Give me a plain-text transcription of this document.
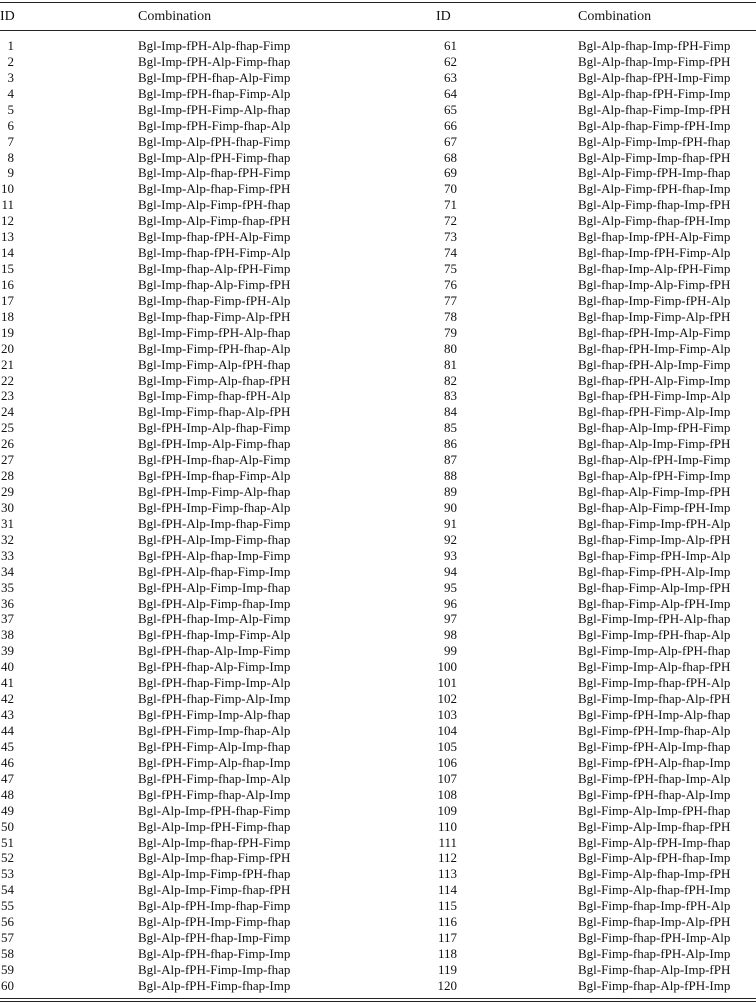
ID	Combination	ID	Combination
1	Bgl-Imp-fPH-Alp-fhap-Fimp	61	Bgl-Alp-fhap-Imp-fPH-Fimp
2	Bgl-Imp-fPH-Alp-Fimp-fhap	62	Bgl-Alp-fhap-Imp-Fimp-fPH
3	Bgl-Imp-fPH-fhap-Alp-Fimp	63	Bgl-Alp-fhap-fPH-Imp-Fimp
4	Bgl-Imp-fPH-fhap-Fimp-Alp	64	Bgl-Alp-fhap-fPH-Fimp-Imp
5	Bgl-Imp-fPH-Fimp-Alp-fhap	65	Bgl-Alp-fhap-Fimp-Imp-fPH
6	Bgl-Imp-fPH-Fimp-fhap-Alp	66	Bgl-Alp-fhap-Fimp-fPH-Imp
7	Bgl-Imp-Alp-fPH-fhap-Fimp	67	Bgl-Alp-Fimp-Imp-fPH-fhap
8	Bgl-Imp-Alp-fPH-Fimp-fhap	68	Bgl-Alp-Fimp-Imp-fhap-fPH
9	Bgl-Imp-Alp-fhap-fPH-Fimp	69	Bgl-Alp-Fimp-fPH-Imp-fhap
10	Bgl-Imp-Alp-fhap-Fimp-fPH	70	Bgl-Alp-Fimp-fPH-fhap-Imp
11	Bgl-Imp-Alp-Fimp-fPH-fhap	71	Bgl-Alp-Fimp-fhap-Imp-fPH
12	Bgl-Imp-Alp-Fimp-fhap-fPH	72	Bgl-Alp-Fimp-fhap-fPH-Imp
13	Bgl-Imp-fhap-fPH-Alp-Fimp	73	Bgl-fhap-Imp-fPH-Alp-Fimp
14	Bgl-Imp-fhap-fPH-Fimp-Alp	74	Bgl-fhap-Imp-fPH-Fimp-Alp
15	Bgl-Imp-fhap-Alp-fPH-Fimp	75	Bgl-fhap-Imp-Alp-fPH-Fimp
16	Bgl-Imp-fhap-Alp-Fimp-fPH	76	Bgl-fhap-Imp-Alp-Fimp-fPH
17	Bgl-Imp-fhap-Fimp-fPH-Alp	77	Bgl-fhap-Imp-Fimp-fPH-Alp
18	Bgl-Imp-fhap-Fimp-Alp-fPH	78	Bgl-fhap-Imp-Fimp-Alp-fPH
19	Bgl-Imp-Fimp-fPH-Alp-fhap	79	Bgl-fhap-fPH-Imp-Alp-Fimp
20	Bgl-Imp-Fimp-fPH-fhap-Alp	80	Bgl-fhap-fPH-Imp-Fimp-Alp
21	Bgl-Imp-Fimp-Alp-fPH-fhap	81	Bgl-fhap-fPH-Alp-Imp-Fimp
22	Bgl-Imp-Fimp-Alp-fhap-fPH	82	Bgl-fhap-fPH-Alp-Fimp-Imp
23	Bgl-Imp-Fimp-fhap-fPH-Alp	83	Bgl-fhap-fPH-Fimp-Imp-Alp
24	Bgl-Imp-Fimp-fhap-Alp-fPH	84	Bgl-fhap-fPH-Fimp-Alp-Imp
25	Bgl-fPH-Imp-Alp-fhap-Fimp	85	Bgl-fhap-Alp-Imp-fPH-Fimp
26	Bgl-fPH-Imp-Alp-Fimp-fhap	86	Bgl-fhap-Alp-Imp-Fimp-fPH
27	Bgl-fPH-Imp-fhap-Alp-Fimp	87	Bgl-fhap-Alp-fPH-Imp-Fimp
28	Bgl-fPH-Imp-fhap-Fimp-Alp	88	Bgl-fhap-Alp-fPH-Fimp-Imp
29	Bgl-fPH-Imp-Fimp-Alp-fhap	89	Bgl-fhap-Alp-Fimp-Imp-fPH
30	Bgl-fPH-Imp-Fimp-fhap-Alp	90	Bgl-fhap-Alp-Fimp-fPH-Imp
31	Bgl-fPH-Alp-Imp-fhap-Fimp	91	Bgl-fhap-Fimp-Imp-fPH-Alp
32	Bgl-fPH-Alp-Imp-Fimp-fhap	92	Bgl-fhap-Fimp-Imp-Alp-fPH
33	Bgl-fPH-Alp-fhap-Imp-Fimp	93	Bgl-fhap-Fimp-fPH-Imp-Alp
34	Bgl-fPH-Alp-fhap-Fimp-Imp	94	Bgl-fhap-Fimp-fPH-Alp-Imp
35	Bgl-fPH-Alp-Fimp-Imp-fhap	95	Bgl-fhap-Fimp-Alp-Imp-fPH
36	Bgl-fPH-Alp-Fimp-fhap-Imp	96	Bgl-fhap-Fimp-Alp-fPH-Imp
37	Bgl-fPH-fhap-Imp-Alp-Fimp	97	Bgl-Fimp-Imp-fPH-Alp-fhap
38	Bgl-fPH-fhap-Imp-Fimp-Alp	98	Bgl-Fimp-Imp-fPH-fhap-Alp
39	Bgl-fPH-fhap-Alp-Imp-Fimp	99	Bgl-Fimp-Imp-Alp-fPH-fhap
40	Bgl-fPH-fhap-Alp-Fimp-Imp	100	Bgl-Fimp-Imp-Alp-fhap-fPH
41	Bgl-fPH-fhap-Fimp-Imp-Alp	101	Bgl-Fimp-Imp-fhap-fPH-Alp
42	Bgl-fPH-fhap-Fimp-Alp-Imp	102	Bgl-Fimp-Imp-fhap-Alp-fPH
43	Bgl-fPH-Fimp-Imp-Alp-fhap	103	Bgl-Fimp-fPH-Imp-Alp-fhap
44	Bgl-fPH-Fimp-Imp-fhap-Alp	104	Bgl-Fimp-fPH-Imp-fhap-Alp
45	Bgl-fPH-Fimp-Alp-Imp-fhap	105	Bgl-Fimp-fPH-Alp-Imp-fhap
46	Bgl-fPH-Fimp-Alp-fhap-Imp	106	Bgl-Fimp-fPH-Alp-fhap-Imp
47	Bgl-fPH-Fimp-fhap-Imp-Alp	107	Bgl-Fimp-fPH-fhap-Imp-Alp
48	Bgl-fPH-Fimp-fhap-Alp-Imp	108	Bgl-Fimp-fPH-fhap-Alp-Imp
49	Bgl-Alp-Imp-fPH-fhap-Fimp	109	Bgl-Fimp-Alp-Imp-fPH-fhap
50	Bgl-Alp-Imp-fPH-Fimp-fhap	110	Bgl-Fimp-Alp-Imp-fhap-fPH
51	Bgl-Alp-Imp-fhap-fPH-Fimp	111	Bgl-Fimp-Alp-fPH-Imp-fhap
52	Bgl-Alp-Imp-fhap-Fimp-fPH	112	Bgl-Fimp-Alp-fPH-fhap-Imp
53	Bgl-Alp-Imp-Fimp-fPH-fhap	113	Bgl-Fimp-Alp-fhap-Imp-fPH
54	Bgl-Alp-Imp-Fimp-fhap-fPH	114	Bgl-Fimp-Alp-fhap-fPH-Imp
55	Bgl-Alp-fPH-Imp-fhap-Fimp	115	Bgl-Fimp-fhap-Imp-fPH-Alp
56	Bgl-Alp-fPH-Imp-Fimp-fhap	116	Bgl-Fimp-fhap-Imp-Alp-fPH
57	Bgl-Alp-fPH-fhap-Imp-Fimp	117	Bgl-Fimp-fhap-fPH-Imp-Alp
58	Bgl-Alp-fPH-fhap-Fimp-Imp	118	Bgl-Fimp-fhap-fPH-Alp-Imp
59	Bgl-Alp-fPH-Fimp-Imp-fhap	119	Bgl-Fimp-fhap-Alp-Imp-fPH
60	Bgl-Alp-fPH-Fimp-fhap-Imp	120	Bgl-Fimp-fhap-Alp-fPH-Imp
